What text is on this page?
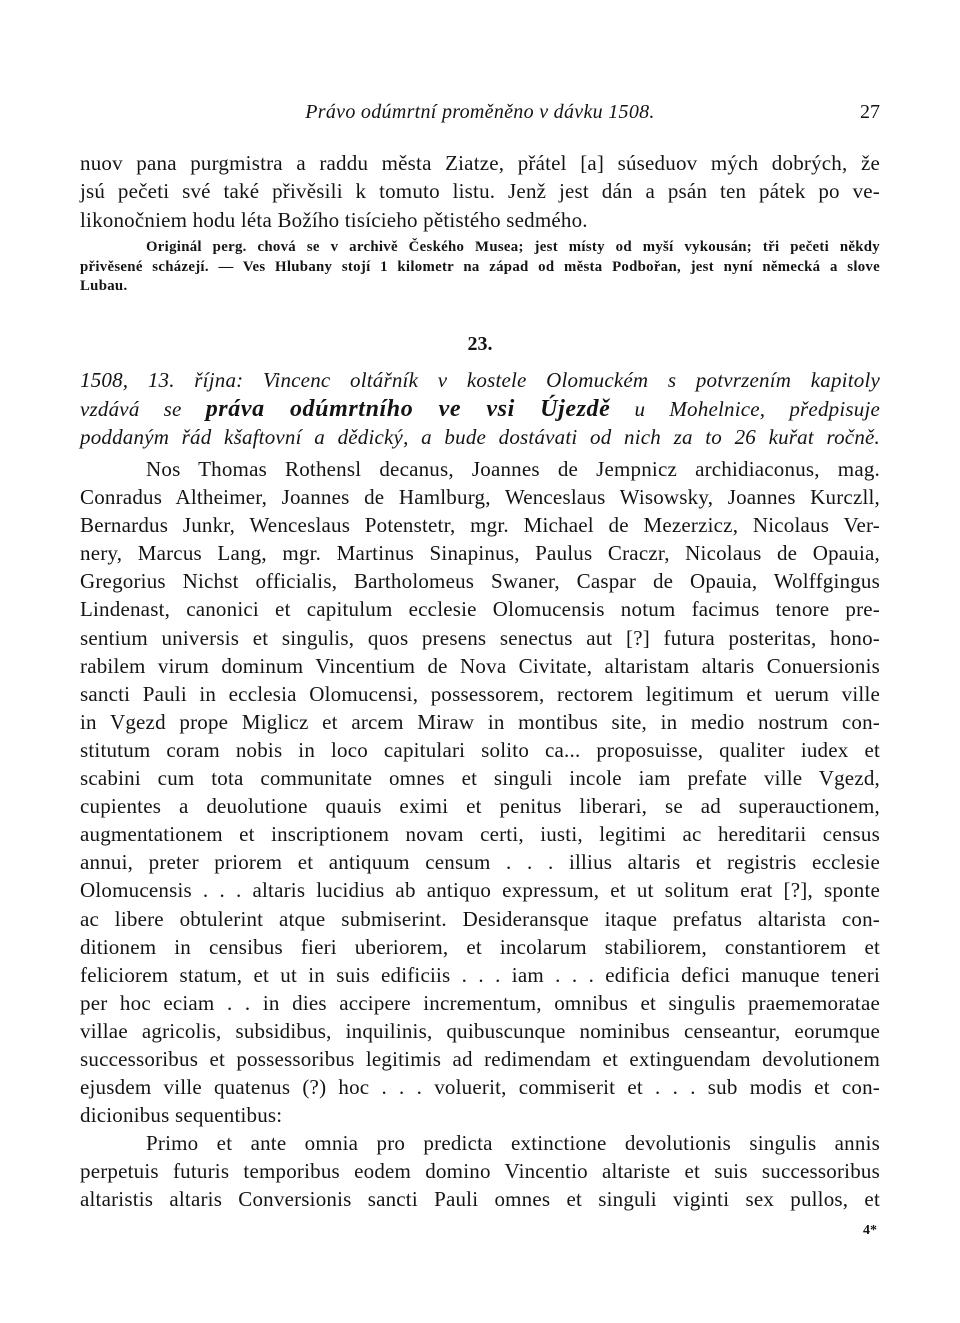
Právo odúmrtní proměněno v dávku 1508.	27
nuov pana purgmistra a raddu města Ziatze, přátel [a] súseduov mých dobrých, že
jsú pečeti své také přivěsili k tomuto listu. Jenž jest dán a psán ten pátek po ve-
likonočniem hodu léta Božího tisícieho pětistého sedmého.
Originál perg. chová se v archivě Českého Musea; jest místy od myší vykousán; tři pečeti někdy
přivěsené scházejí. — Ves Hlubany stojí 1 kilometr na západ od města Podbořan, jest nyní německá a slove
Lubau.
23.
1508, 13. října: Vincenc oltářník v kostele Olomuckém s potvrzením kapitoly
vzdává se práva odúmrtního ve vsi Újezdě u Mohelnice, předpisuje
poddaným řád kšaftovní a dědický, a bude dostávati od nich za to 26 kuřat ročně.
Nos Thomas Rothensl decanus, Joannes de Jempnicz archidiaconus, mag.
Conradus Altheimer, Joannes de Hamlburg, Wenceslaus Wisowsky, Joannes Kurczll,
Bernardus Junkr, Wenceslaus Potenstetr, mgr. Michael de Mezerzicz, Nicolaus Ver-
nery, Marcus Lang, mgr. Martinus Sinapinus, Paulus Craczr, Nicolaus de Opauia,
Gregorius Nichst officialis, Bartholomeus Swaner, Caspar de Opauia, Wolffgingus
Lindenast, canonici et capitulum ecclesie Olomucensis notum facimus tenore pre-
sentium universis et singulis, quos presens senectus aut [?] futura posteritas, hono-
rabilem virum dominum Vincentium de Nova Civitate, altaristam altaris Conuersionis
sancti Pauli in ecclesia Olomucensi, possessorem, rectorem legitimum et uerum ville
in Vgezd prope Miglicz et arcem Miraw in montibus site, in medio nostrum con-
stitutum coram nobis in loco capitulari solito ca... proposuisse, qualiter iudex et
scabini cum tota communitate omnes et singuli incole iam prefate ville Vgezd,
cupientes a deuolutione quauis eximi et penitus liberari, se ad superauctionem,
augmentationem et inscriptionem novam certi, iusti, legitimi ac hereditarii census
annui, preter priorem et antiquum censum . . . illius altaris et registris ecclesie
Olomucensis . . . altaris lucidius ab antiquo expressum, et ut solitum erat [?], sponte
ac libere obtulerint atque submiserint. Desideransque itaque prefatus altarista con-
ditionem in censibus fieri uberiorem, et incolarum stabiliorem, constantiorem et
feliciorem statum, et ut in suis edificiis . . . iam . . . edificia defici manuque teneri
per hoc eciam . . in dies accipere incrementum, omnibus et singulis praememoratae
villae agricolis, subsidibus, inquilinis, quibuscunque nominibus censeantur, eorumque
successoribus et possessoribus legitimis ad redimendam et extinguendam devolutionem
ejusdem ville quatenus (?) hoc . . . voluerit, commiserit et . . . sub modis et con-
dicionibus sequentibus:
Primo et ante omnia pro predicta extinctione devolutionis singulis annis
perpetuis futuris temporibus eodem domino Vincentio altariste et suis successoribus
altaristis altaris Conversionis sancti Pauli omnes et singuli viginti sex pullos, et
4*
